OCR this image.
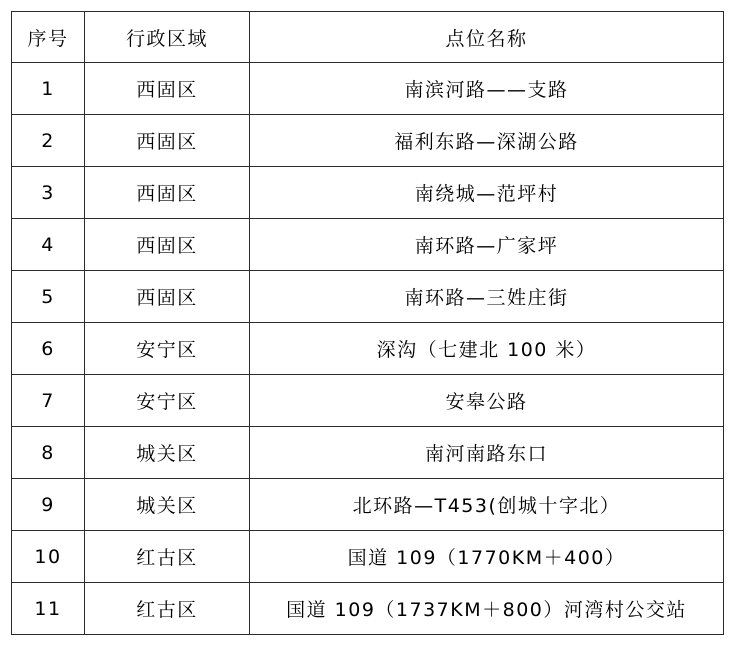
序号	行政区域	点位名称
1	西固区	南滨河路——支路
2	西固区	福利东路—深湖公路
3	西固区	南绕城—范坪村
4	西固区	南环路—广家坪
5	西固区	南环路—三姓庄街
6	安宁区	深沟（七建北 100 米）
7	安宁区	安皋公路
8	城关区	南河南路东口
9	城关区	北环路—T453(创城十字北）
10	红古区	国道 109（1770KM＋400）
11	红古区	国道 109（1737KM＋800）河湾村公交站
